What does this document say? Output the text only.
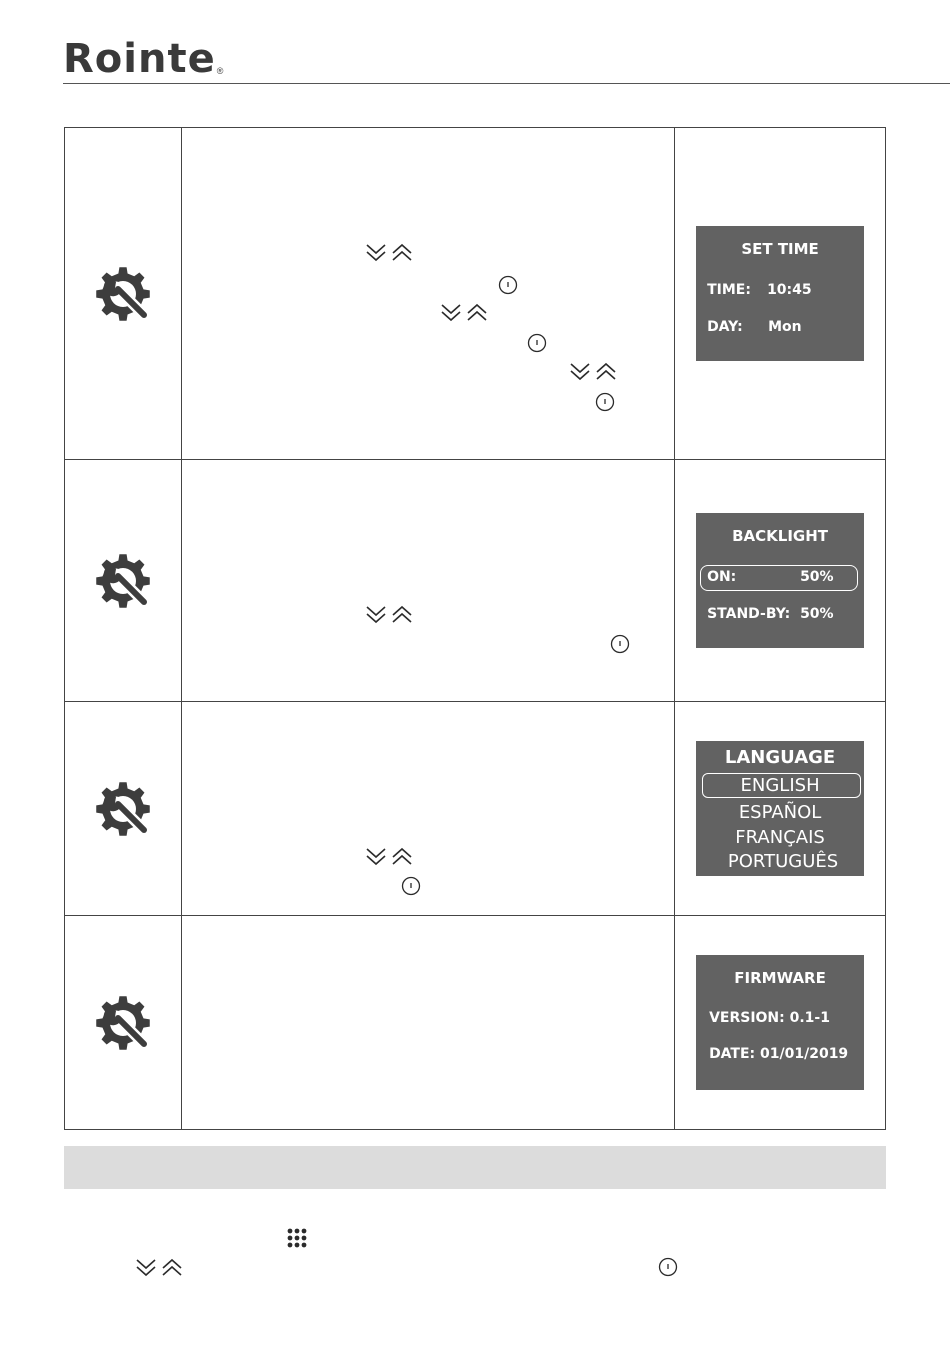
Rointe ®

SET TIME
TIME: 10:45
DAY: Mon

BACKLIGHT
ON: 50%
STAND-BY: 50%

LANGUAGE
ENGLISH
ESPAÑOL
FRANÇAIS
PORTUGUÊS

FIRMWARE
VERSION: 0.1-1
DATE: 01/01/2019
